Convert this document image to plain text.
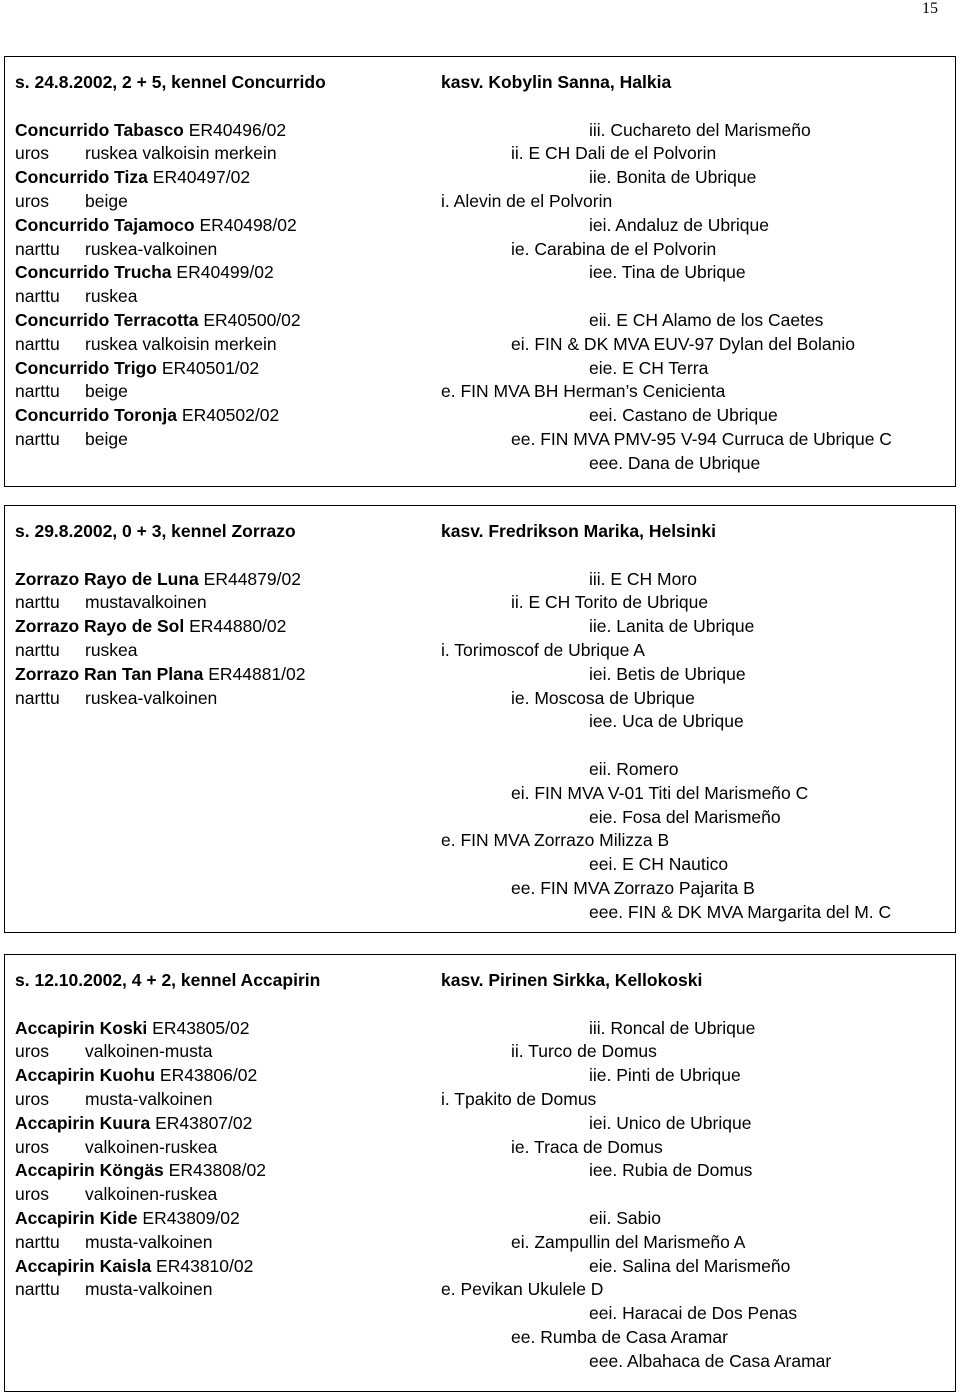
15
s. 24.8.2002, 2 + 5, kennel Concurrido
Concurrido Tabasco ER40496/02
uros ruskea valkoisin merkein
Concurrido Tiza ER40497/02
uros beige
Concurrido Tajamoco ER40498/02
narttu ruskea-valkoinen
Concurrido Trucha ER40499/02
narttu ruskea
Concurrido Terracotta ER40500/02
narttu ruskea valkoisin merkein
Concurrido Trigo ER40501/02
narttu beige
Concurrido Toronja ER40502/02
narttu beige
kasv. Kobylin Sanna, Halkia
iii. Cuchareto del Marismeño
ii. E CH Dali de el Polvorin
iie. Bonita de Ubrique
i. Alevin de el Polvorin
iei. Andaluz de Ubrique
ie. Carabina de el Polvorin
iee. Tina de Ubrique
eii. E CH Alamo de los Caetes
ei. FIN & DK MVA EUV-97 Dylan del Bolanio
eie. E CH Terra
e. FIN MVA BH Herman’s Cenicienta
eei. Castano de Ubrique
ee. FIN MVA PMV-95 V-94 Curruca de Ubrique C
eee. Dana de Ubrique
s. 29.8.2002, 0 + 3, kennel Zorrazo
Zorrazo Rayo de Luna ER44879/02
narttu mustavalkoinen
Zorrazo Rayo de Sol ER44880/02
narttu ruskea
Zorrazo Ran Tan Plana ER44881/02
narttu ruskea-valkoinen
kasv. Fredrikson Marika, Helsinki
iii. E CH Moro
ii. E CH Torito de Ubrique
iie. Lanita de Ubrique
i. Torimoscof de Ubrique A
iei. Betis de Ubrique
ie. Moscosa de Ubrique
iee. Uca de Ubrique
eii. Romero
ei. FIN MVA V-01 Titi del Marismeño C
eie. Fosa del Marismeño
e. FIN MVA Zorrazo Milizza B
eei. E CH Nautico
ee. FIN MVA Zorrazo Pajarita B
eee. FIN & DK MVA Margarita del M. C
s. 12.10.2002, 4 + 2, kennel Accapirin
Accapirin Koski ER43805/02
uros valkoinen-musta
Accapirin Kuohu ER43806/02
uros musta-valkoinen
Accapirin Kuura ER43807/02
uros valkoinen-ruskea
Accapirin Köngäs ER43808/02
uros valkoinen-ruskea
Accapirin Kide ER43809/02
narttu musta-valkoinen
Accapirin Kaisla ER43810/02
narttu musta-valkoinen
kasv. Pirinen Sirkka, Kellokoski
iii. Roncal de Ubrique
ii. Turco de Domus
iie. Pinti de Ubrique
i. Tpakito de Domus
iei. Unico de Ubrique
ie. Traca de Domus
iee. Rubia de Domus
eii. Sabio
ei. Zampullin del Marismeño A
eie. Salina del Marismeño
e. Pevikan Ukulele D
eei. Haracai de Dos Penas
ee. Rumba de Casa Aramar
eee. Albahaca de Casa Aramar
